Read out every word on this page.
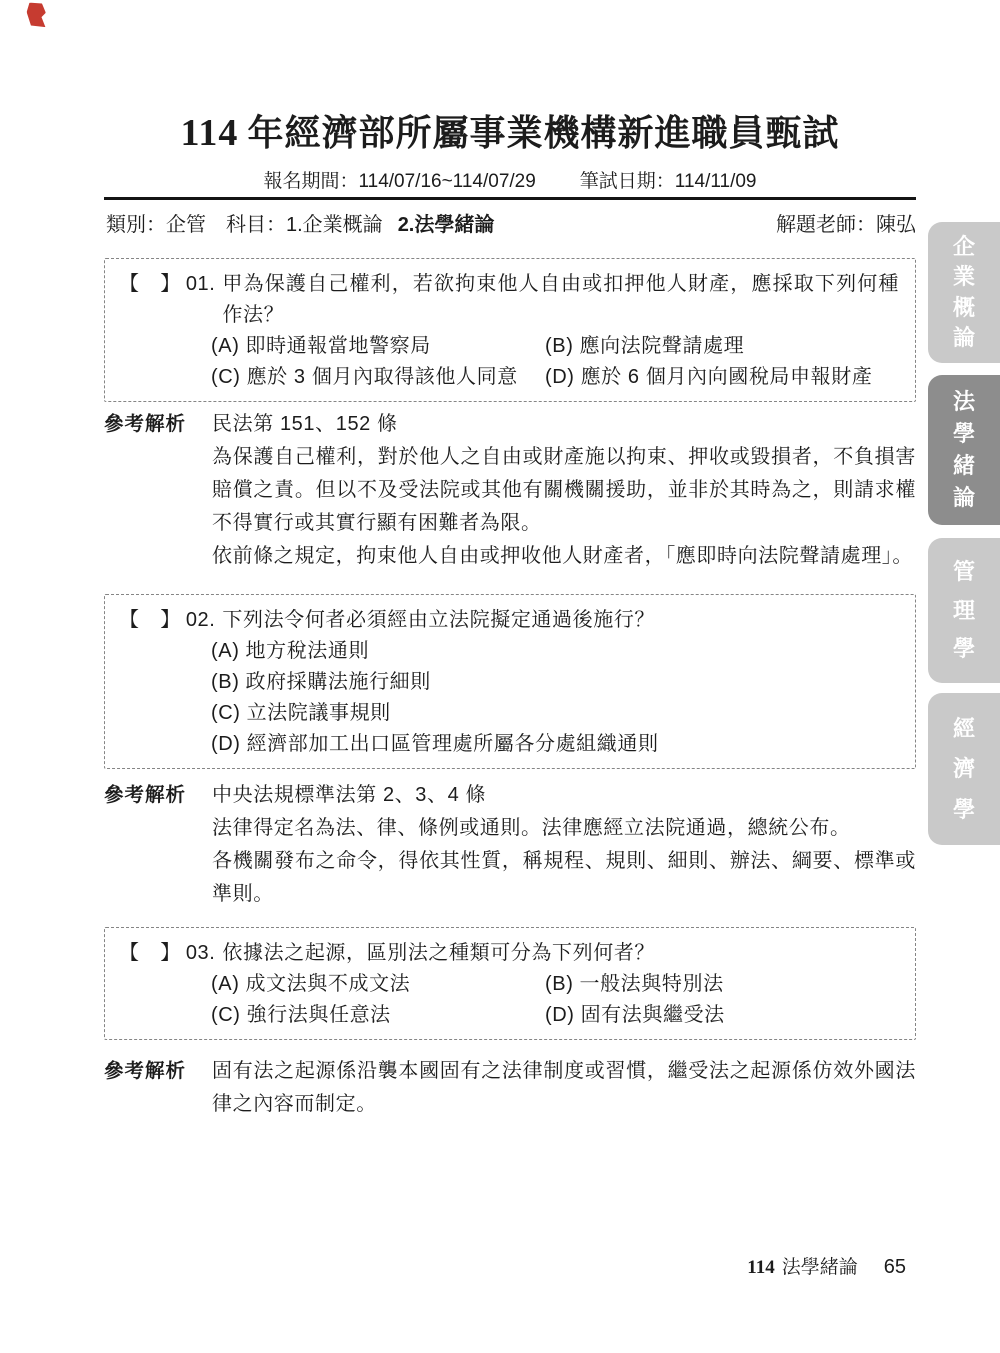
114 年經濟部所屬事業機構新進職員甄試
報名期間：114/07/16~114/07/29 筆試日期：114/11/09
類別：企管 科目：1.企業概論 2.法學緒論	解題老師：陳弘
【　】 01. 甲為保護自己權利，若欲拘束他人自由或扣押他人財產，應採取下列何種作法？
(A) 即時通報當地警察局	(B) 應向法院聲請處理
(C) 應於 3 個月內取得該他人同意	(D) 應於 6 個月內向國稅局申報財產
參考解析 民法第 151、152 條

為保護自己權利，對於他人之自由或財產施以拘束、押收或毀損者，不負損害賠償之責。但以不及受法院或其他有關機關援助，並非於其時為之，則請求權不得實行或其實行顯有困難者為限。

依前條之規定，拘束他人自由或押收他人財產者，「應即時向法院聲請處理」。

【　】 02. 下列法令何者必須經由立法院擬定通過後施行？
(A) 地方稅法通則
(B) 政府採購法施行細則
(C) 立法院議事規則
(D) 經濟部加工出口區管理處所屬各分處組織通則
參考解析 中央法規標準法第 2、3、4 條

法律得定名為法、律、條例或通則。法律應經立法院通過，總統公布。

各機關發布之命令，得依其性質，稱規程、規則、細則、辦法、綱要、標準或準則。

【　】 03. 依據法之起源，區別法之種類可分為下列何者？
(A) 成文法與不成文法	(B) 一般法與特別法
(C) 強行法與任意法	(D) 固有法與繼受法
參考解析 固有法之起源係沿襲本國固有之法律制度或習慣，繼受法之起源係仿效外國法律之內容而制定。

企
業
概
論
法
學
緒
論
管
理
學
經
濟
學
114 法學緒論 65
